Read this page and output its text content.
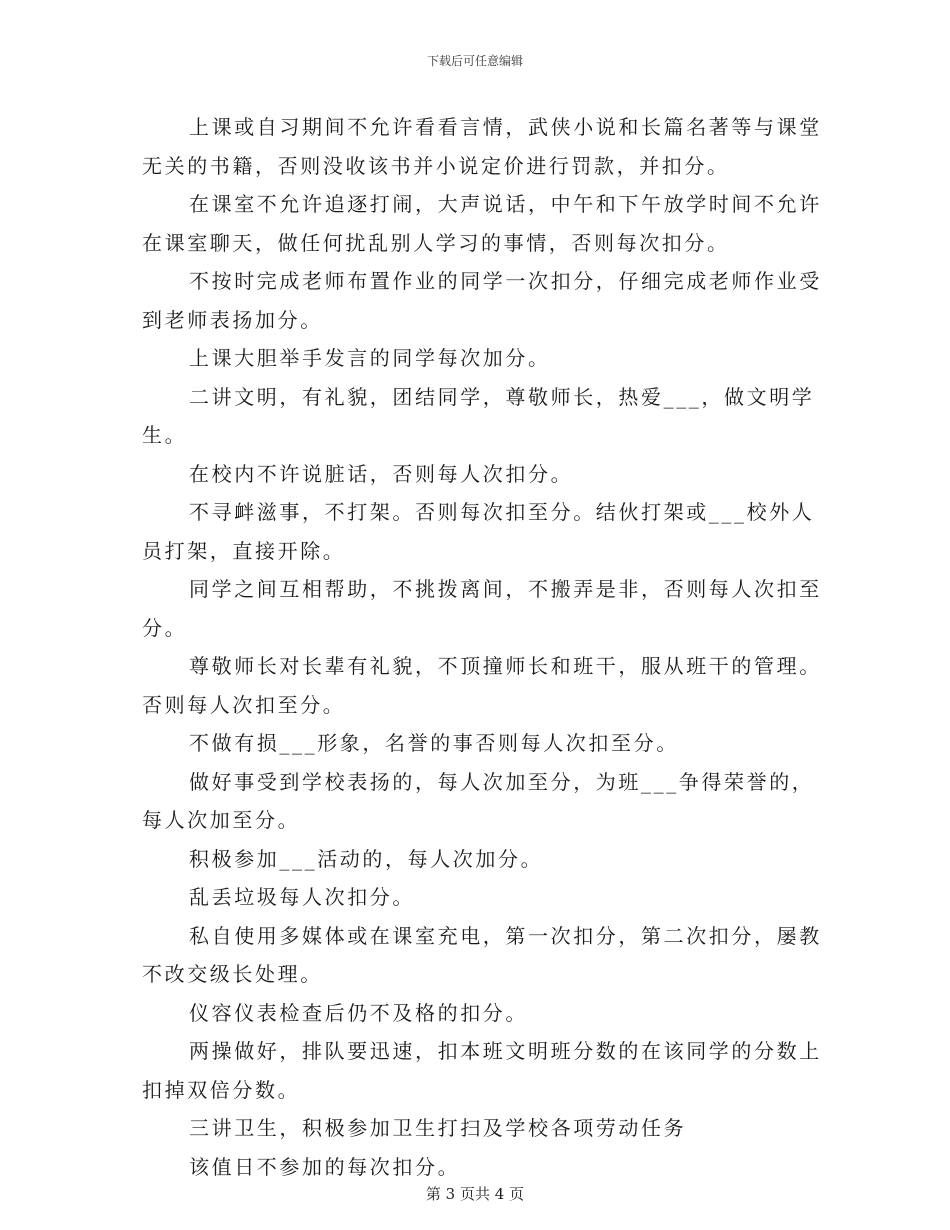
下载后可任意编辑

上课或自习期间不允许看看言情，武侠小说和长篇名著等与课堂无关的书籍，否则没收该书并小说定价进行罚款，并扣分。

在课室不允许追逐打闹，大声说话，中午和下午放学时间不允许在课室聊天，做任何扰乱别人学习的事情，否则每次扣分。

不按时完成老师布置作业的同学一次扣分，仔细完成老师作业受到老师表扬加分。

上课大胆举手发言的同学每次加分。

二讲文明，有礼貌，团结同学，尊敬师长，热爱___，做文明学生。

在校内不许说脏话，否则每人次扣分。

不寻衅滋事，不打架。否则每次扣至分。结伙打架或___校外人员打架，直接开除。

同学之间互相帮助，不挑拨离间，不搬弄是非，否则每人次扣至分。

尊敬师长对长辈有礼貌，不顶撞师长和班干，服从班干的管理。否则每人次扣至分。

不做有损___形象，名誉的事否则每人次扣至分。

做好事受到学校表扬的，每人次加至分，为班___争得荣誉的，每人次加至分。

积极参加___活动的，每人次加分。

乱丢垃圾每人次扣分。

私自使用多媒体或在课室充电，第一次扣分，第二次扣分，屡教不改交级长处理。

仪容仪表检查后仍不及格的扣分。

两操做好，排队要迅速，扣本班文明班分数的在该同学的分数上扣掉双倍分数。

三讲卫生，积极参加卫生打扫及学校各项劳动任务

该值日不参加的每次扣分。

第 3 页共 4 页
